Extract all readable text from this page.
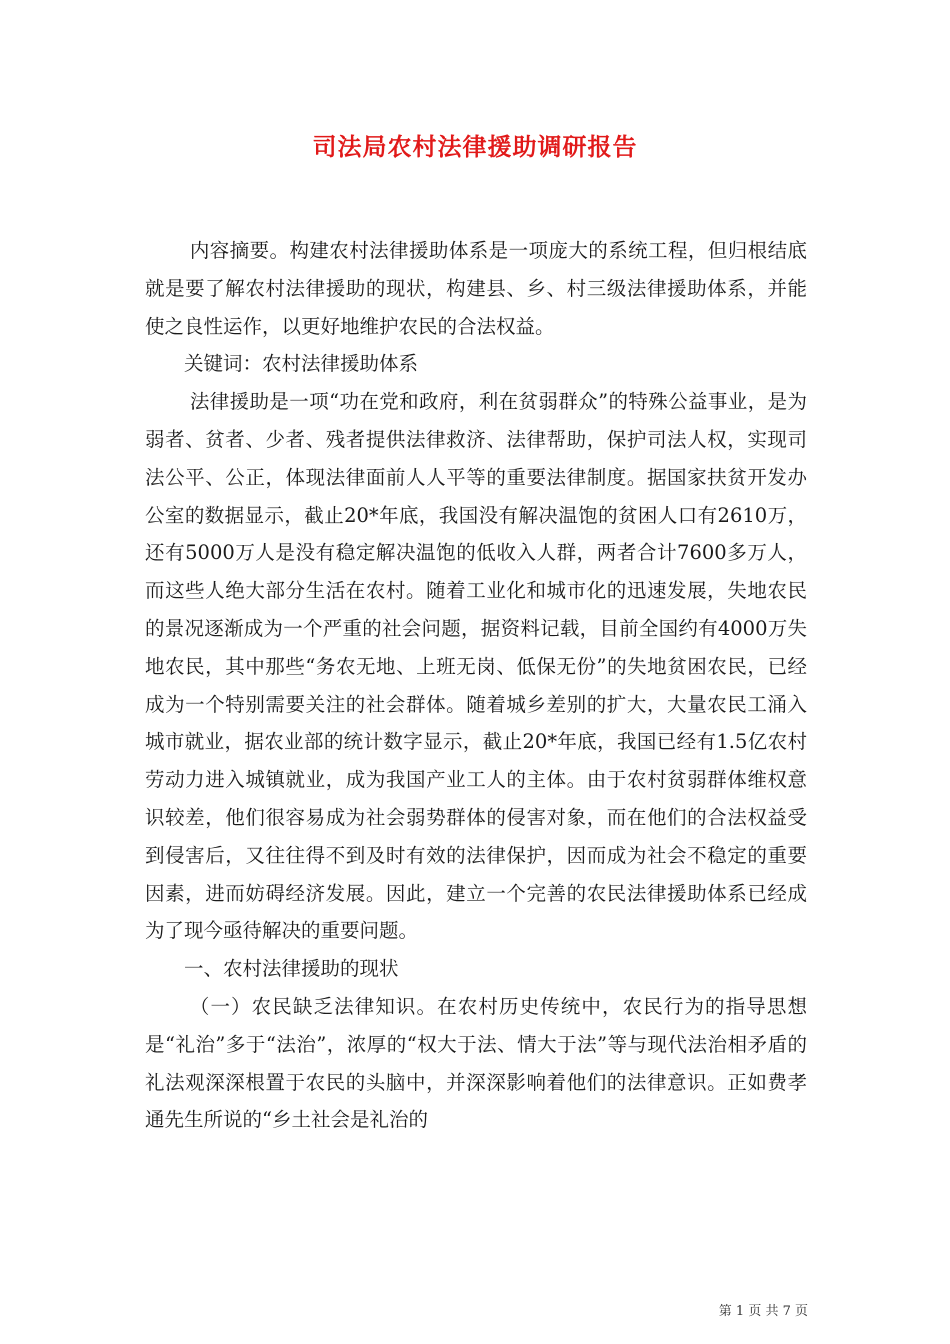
司法局农村法律援助调研报告

内容摘要。构建农村法律援助体系是一项庞大的系统工程，但归根结底就是要了解农村法律援助的现状，构建县、乡、村三级法律援助体系，并能使之良性运作，以更好地维护农民的合法权益。

关键词：农村法律援助体系

法律援助是一项“功在党和政府，利在贫弱群众”的特殊公益事业，是为弱者、贫者、少者、残者提供法律救济、法律帮助，保护司法人权，实现司法公平、公正，体现法律面前人人平等的重要法律制度。据国家扶贫开发办公室的数据显示，截止20*年底，我国没有解决温饱的贫困人口有2610万，还有5000万人是没有稳定解决温饱的低收入人群，两者合计7600多万人，而这些人绝大部分生活在农村。随着工业化和城市化的迅速发展，失地农民的景况逐渐成为一个严重的社会问题，据资料记载，目前全国约有4000万失地农民，其中那些“务农无地、上班无岗、低保无份”的失地贫困农民，已经成为一个特别需要关注的社会群体。随着城乡差别的扩大，大量农民工涌入城市就业，据农业部的统计数字显示，截止20*年底，我国已经有1.5亿农村劳动力进入城镇就业，成为我国产业工人的主体。由于农村贫弱群体维权意识较差，他们很容易成为社会弱势群体的侵害对象，而在他们的合法权益受到侵害后，又往往得不到及时有效的法律保护，因而成为社会不稳定的重要因素，进而妨碍经济发展。因此，建立一个完善的农民法律援助体系已经成为了现今亟待解决的重要问题。

一、农村法律援助的现状

（一）农民缺乏法律知识。在农村历史传统中，农民行为的指导思想是“礼治”多于“法治”，浓厚的“权大于法、情大于法”等与现代法治相矛盾的礼法观深深根置于农民的头脑中，并深深影响着他们的法律意识。正如费孝通先生所说的“乡土社会是礼治的

第 1 页 共 7 页
